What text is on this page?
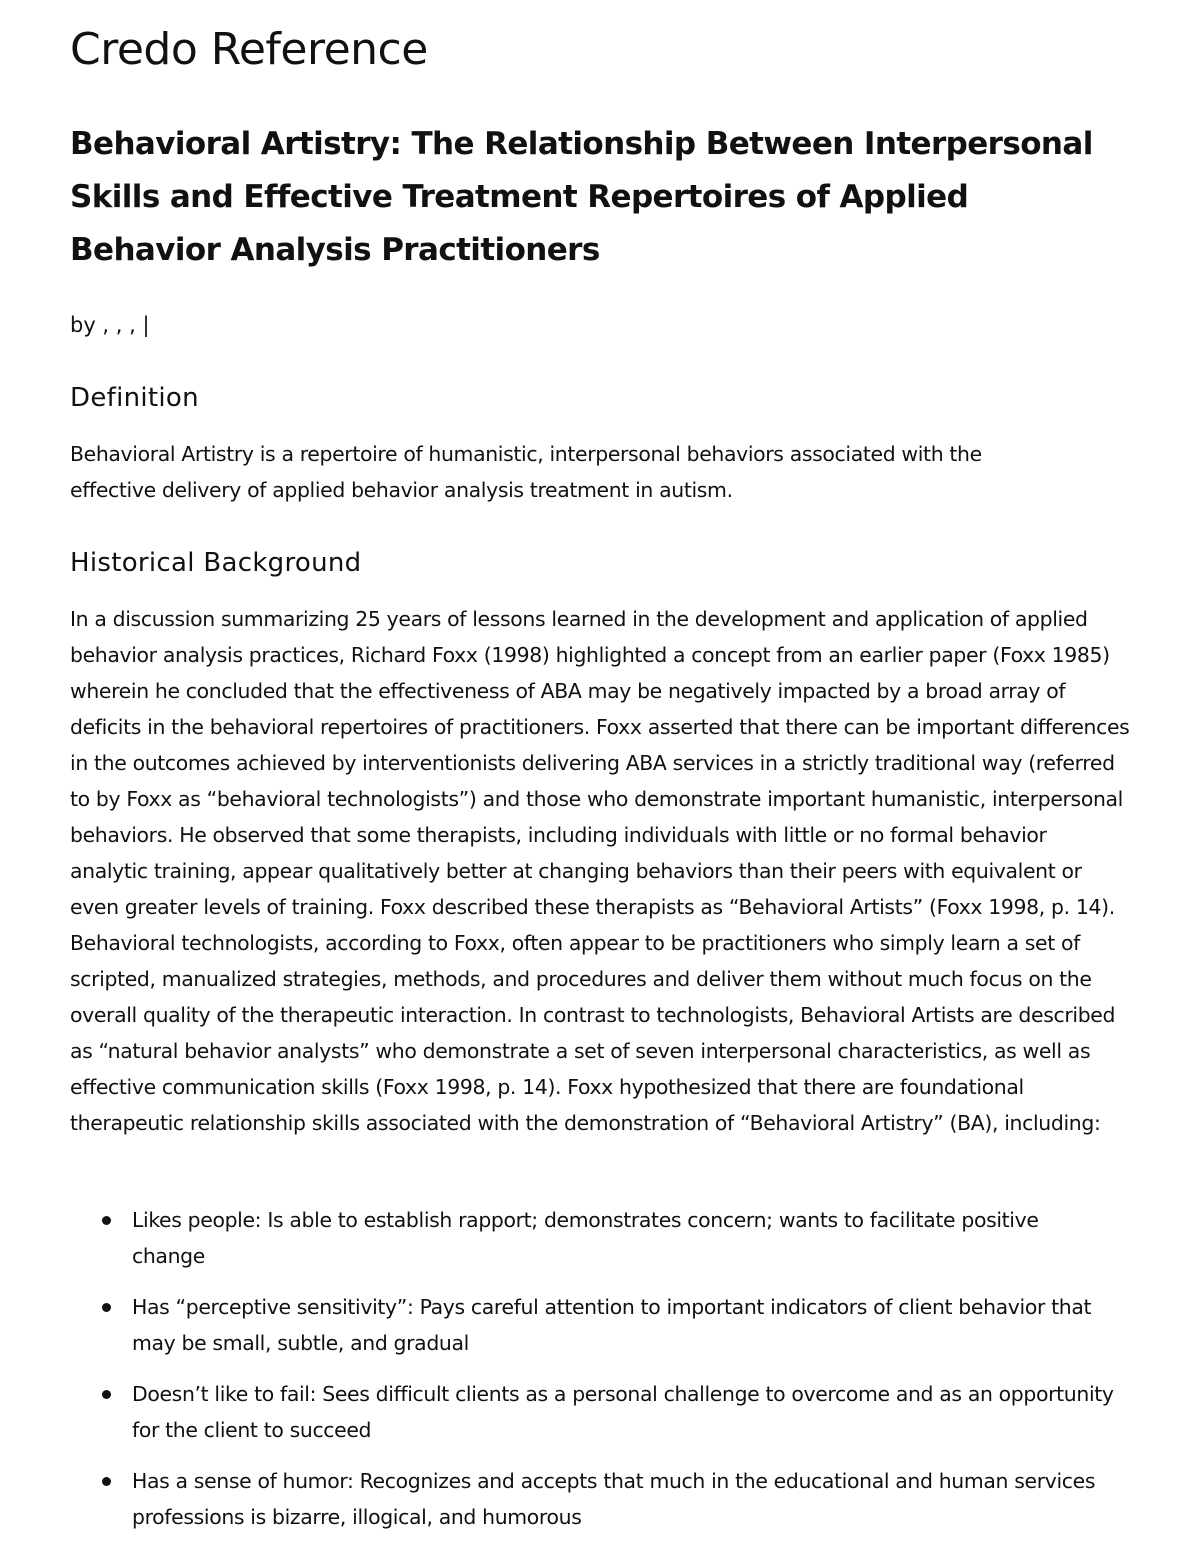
Credo Reference
Behavioral Artistry: The Relationship Between Interpersonal Skills and Effective Treatment Repertoires of Applied Behavior Analysis Practitioners
by , , , |
Definition

Behavioral Artistry is a repertoire of humanistic, interpersonal behaviors associated with the effective delivery of applied behavior analysis treatment in autism.

Historical Background

In a discussion summarizing 25 years of lessons learned in the development and application of applied behavior analysis practices, Richard Foxx (1998) highlighted a concept from an earlier paper (Foxx 1985) wherein he concluded that the effectiveness of ABA may be negatively impacted by a broad array of deficits in the behavioral repertoires of practitioners. Foxx asserted that there can be important differences in the outcomes achieved by interventionists delivering ABA services in a strictly traditional way (referred to by Foxx as “behavioral technologists”) and those who demonstrate important humanistic, interpersonal behaviors. He observed that some therapists, including individuals with little or no formal behavior analytic training, appear qualitatively better at changing behaviors than their peers with equivalent or even greater levels of training. Foxx described these therapists as “Behavioral Artists” (Foxx 1998, p. 14). Behavioral technologists, according to Foxx, often appear to be practitioners who simply learn a set of scripted, manualized strategies, methods, and procedures and deliver them without much focus on the overall quality of the therapeutic interaction. In contrast to technologists, Behavioral Artists are described as “natural behavior analysts” who demonstrate a set of seven interpersonal characteristics, as well as effective communication skills (Foxx 1998, p. 14). Foxx hypothesized that there are foundational therapeutic relationship skills associated with the demonstration of “Behavioral Artistry” (BA), including:

Likes people: Is able to establish rapport; demonstrates concern; wants to facilitate positive change
Has “perceptive sensitivity”: Pays careful attention to important indicators of client behavior that may be small, subtle, and gradual
Doesn’t like to fail: Sees difficult clients as a personal challenge to overcome and as an opportunity for the client to succeed
Has a sense of humor: Recognizes and accepts that much in the educational and human services professions is bizarre, illogical, and humorous
